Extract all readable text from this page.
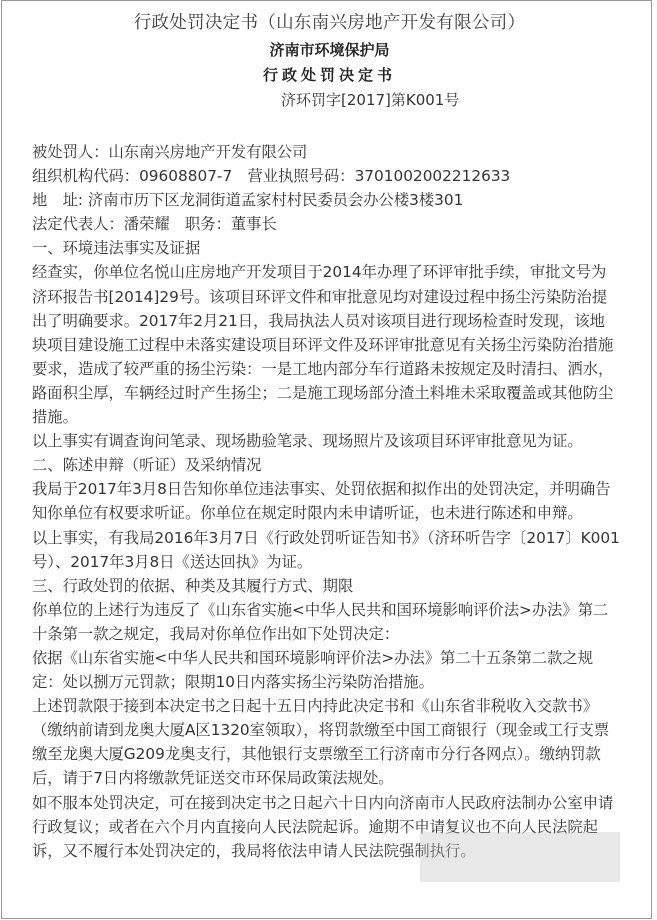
行政处罚决定书（山东南兴房地产开发有限公司）
济南市环境保护局
行政处罚决定书
济环罚字[2017]第K001号

被处罚人：山东南兴房地产开发有限公司

组织机构代码：09608807-7　营业执照号码：370100200221263​3

地　址: 济南市历下区龙洞街道孟家村村民委员会办公楼3楼301

法定代表人：潘荣耀　职务：董事长

一、环境违法事实及证据

经查实，你单位名悦山庄房地产开发项目于2014年办理了环评审批手续，审批文号为济环报告书[2014]29号。该项目环评文件和审批意见均对建设过程中扬尘污染防治提出了明确要求。2017年2月21日，我局执法人员对该项目进行现场检查时发现，该地块项目建设施工过程中未落实建设项目环评文件及环评审批意见有关扬尘污染防治措施要求，造成了较严重的扬尘污染：一是工地内部分车行道路未按规定及时清扫、洒水，路面积尘厚，车辆经过时产生扬尘；二是施工现场部分渣土料堆未采取覆盖或其他防尘措施。

以上事实有调查询问笔录、现场勘验笔录、现场照片及该项目环评审批意见为证。

二、陈述申辩（听证）及采纳情况

我局于2017年3月8日告知你单位违法事实、处罚依据和拟作出的处罚决定，并明确告知你单位有权要求听证。你单位在规定时限内未申请听证，也未进行陈述和申辩。

以上事实，有我局2016年3月7日《行政处罚听证告知书》（济环听告字〔2017〕K001号）、2017年3月8日《送达回执》为证。

三、行政处罚的依据、种类及其履行方式、期限

你单位的上述行为违反了《山东省实施<中华人民共和国环境影响评价法>办法》第二十条第一款之规定，我局对你单位作出如下处罚决定：

依据《山东省实施<中华人民共和国环境影响评价法>办法》第二十五条第二款之规定：处以捌万元罚款；限期10日内落实扬尘污染防治措施。

上述罚款限于接到本决定书之日起十五日内持此决定书和《山东省非税收入交款书》（缴纳前请到龙奥大厦A区1320室领取），将罚款缴至中国工商银行（现金或工行支票缴至龙奥大厦G209龙奥支行，其他银行支票缴至工行济南市分行各网点）。缴纳罚款后，请于7日内将缴款凭证送交市环保局政策法规处。

如不服本处罚决定，可在接到决定书之日起六十日内向济南市人民政府法制办公室申请行政复议；或者在六个月内直接向人民法院起诉。逾期不申请复议也不向人民法院起诉，又不履行本处罚决定的，我局将依法申请人民法院强制执行。
